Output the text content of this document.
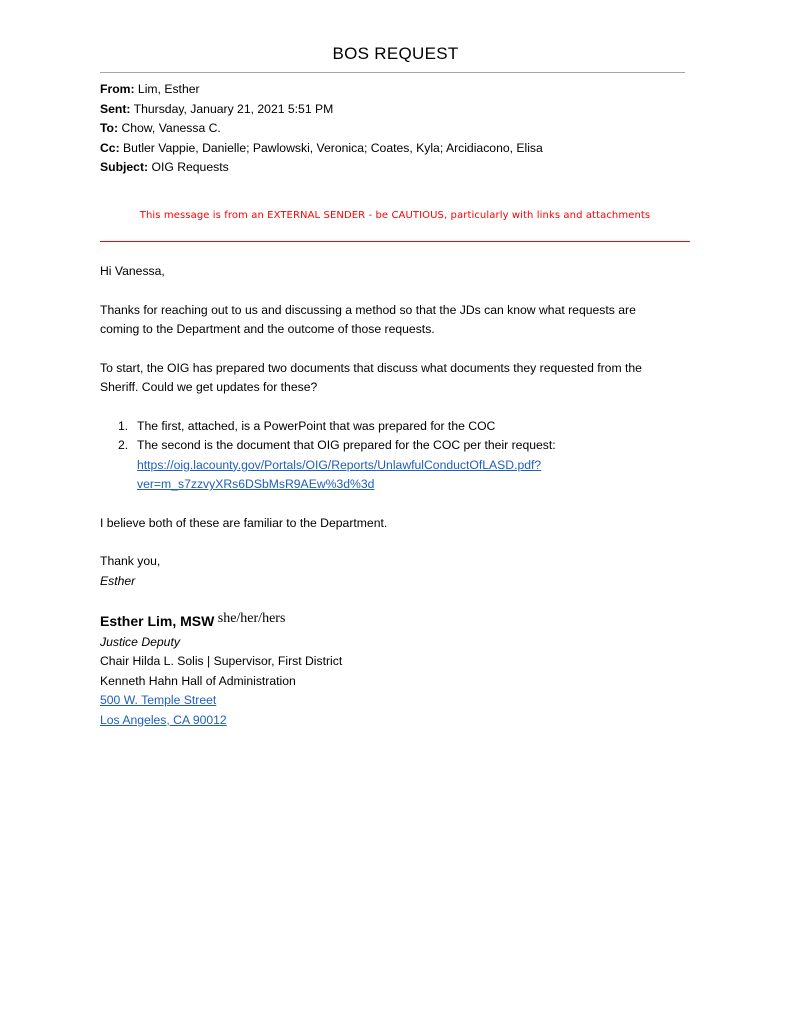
BOS REQUEST
From: Lim, Esther
Sent: Thursday, January 21, 2021 5:51 PM
To: Chow, Vanessa C.
Cc: Butler Vappie, Danielle; Pawlowski, Veronica; Coates, Kyla; Arcidiacono, Elisa
Subject: OIG Requests
This message is from an EXTERNAL SENDER - be CAUTIOUS, particularly with links and attachments

Hi Vanessa,

Thanks for reaching out to us and discussing a method so that the JDs can know what requests are coming to the Department and the outcome of those requests.

To start, the OIG has prepared two documents that discuss what documents they requested from the Sheriff. Could we get updates for these?

1. The first, attached, is a PowerPoint that was prepared for the COC
2. The second is the document that OIG prepared for the COC per their request:
https://oig.lacounty.gov/Portals/OIG/Reports/UnlawfulConductOfLASD.pdf?
ver=m_s7zzvyXRs6DSbMsR9AEw%3d%3d

I believe both of these are familiar to the Department.

Thank you,

Esther

Esther Lim, MSW she/her/hers
Justice Deputy
Chair Hilda L. Solis | Supervisor, First District
Kenneth Hahn Hall of Administration
500 W. Temple Street
Los Angeles, CA 90012
